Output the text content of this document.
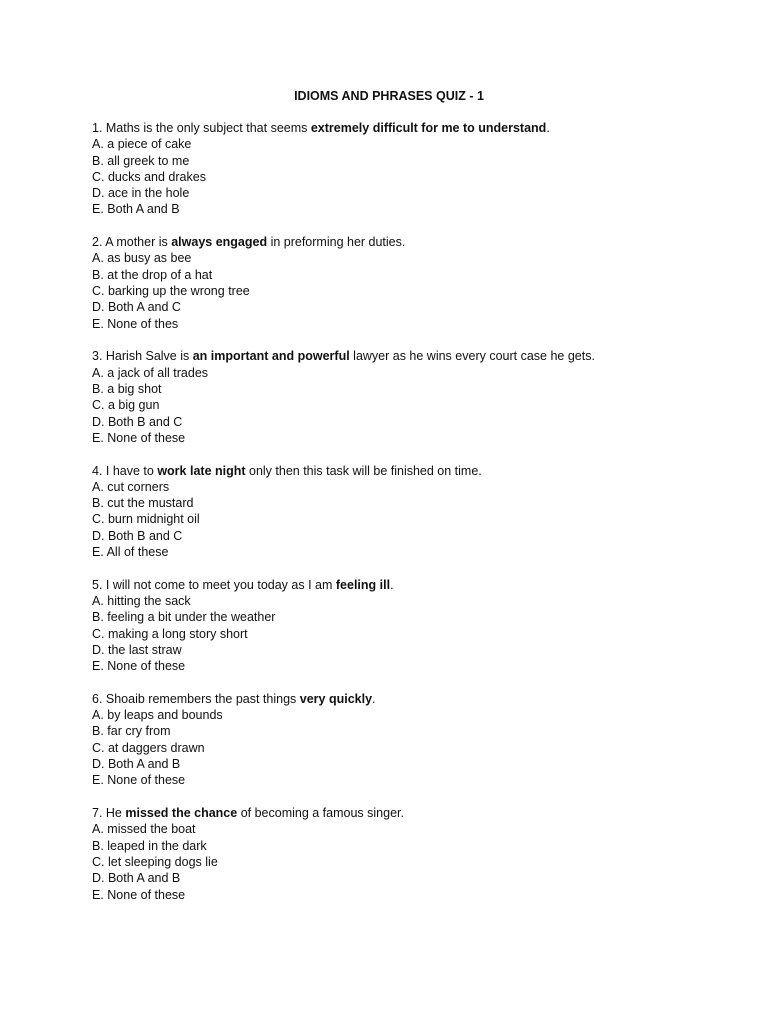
IDIOMS AND PHRASES QUIZ - 1
1. Maths is the only subject that seems extremely difficult for me to understand.
A. a piece of cake
B. all greek to me
C. ducks and drakes
D. ace in the hole
E. Both A and B
2. A mother is always engaged in preforming her duties.
A. as busy as bee
B. at the drop of a hat
C. barking up the wrong tree
D. Both A and C
E. None of thes
3. Harish Salve is an important and powerful lawyer as he wins every court case he gets.
A. a jack of all trades
B. a big shot
C. a big gun
D. Both B and C
E. None of these
4. I have to work late night only then this task will be finished on time.
A. cut corners
B. cut the mustard
C. burn midnight oil
D. Both B and C
E. All of these
5. I will not come to meet you today as I am feeling ill.
A. hitting the sack
B. feeling a bit under the weather
C. making a long story short
D. the last straw
E. None of these
6. Shoaib remembers the past things very quickly.
A. by leaps and bounds
B. far cry from
C. at daggers drawn
D. Both A and B
E. None of these
7. He missed the chance of becoming a famous singer.
A. missed the boat
B. leaped in the dark
C. let sleeping dogs lie
D. Both A and B
E. None of these
